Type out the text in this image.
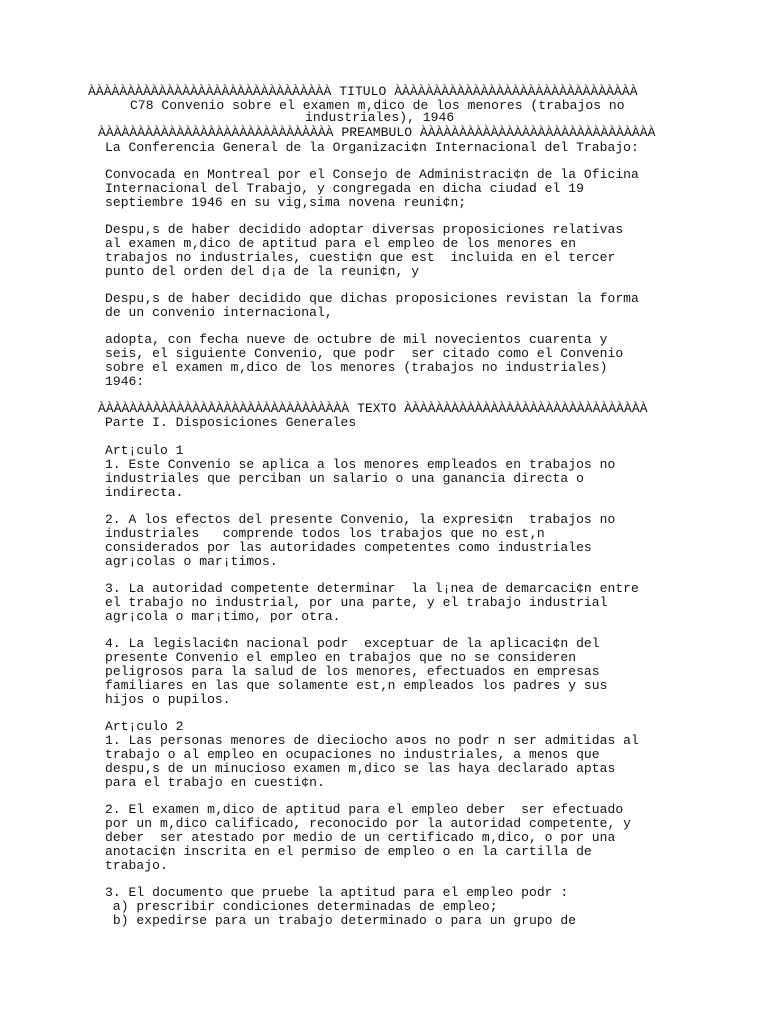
ÀÀÀÀÀÀÀÀÀÀÀÀÀÀÀÀÀÀÀÀÀÀÀÀÀÀÀÀÀÀÀ TITULO ÀÀÀÀÀÀÀÀÀÀÀÀÀÀÀÀÀÀÀÀÀÀÀÀÀÀÀÀÀÀÀ
C78 Convenio sobre el examen m‚dico de los menores (trabajos no
industriales), 1946
ÀÀÀÀÀÀÀÀÀÀÀÀÀÀÀÀÀÀÀÀÀÀÀÀÀÀÀÀÀÀ PREAMBULO ÀÀÀÀÀÀÀÀÀÀÀÀÀÀÀÀÀÀÀÀÀÀÀÀÀÀÀÀÀÀ
La Conferencia General de la Organizaci¢n Internacional del Trabajo:
Convocada en Montreal por el Consejo de Administraci¢n de la Oficina
Internacional del Trabajo, y congregada en dicha ciudad el 19
septiembre 1946 en su vig‚sima novena reuni¢n;
Despu‚s de haber decidido adoptar diversas proposiciones relativas
al examen m‚dico de aptitud para el empleo de los menores en
trabajos no industriales, cuesti¢n que est  incluida en el tercer
punto del orden del d¡a de la reuni¢n, y
Despu‚s de haber decidido que dichas proposiciones revistan la forma
de un convenio internacional,
adopta, con fecha nueve de octubre de mil novecientos cuarenta y
seis, el siguiente Convenio, que podr  ser citado como el Convenio
sobre el examen m‚dico de los menores (trabajos no industriales)
1946:
ÀÀÀÀÀÀÀÀÀÀÀÀÀÀÀÀÀÀÀÀÀÀÀÀÀÀÀÀÀÀÀÀ TEXTO ÀÀÀÀÀÀÀÀÀÀÀÀÀÀÀÀÀÀÀÀÀÀÀÀÀÀÀÀÀÀÀ
Parte I. Disposiciones Generales
Art¡culo 1
1. Este Convenio se aplica a los menores empleados en trabajos no
industriales que perciban un salario o una ganancia directa o
indirecta.
2. A los efectos del presente Convenio, la expresi¢n  trabajos no
industriales   comprende todos los trabajos que no est‚n
considerados por las autoridades competentes como industriales
agr¡colas o mar¡timos.
3. La autoridad competente determinar  la l¡nea de demarcaci¢n entre
el trabajo no industrial, por una parte, y el trabajo industrial
agr¡cola o mar¡timo, por otra.
4. La legislaci¢n nacional podr  exceptuar de la aplicaci¢n del
presente Convenio el empleo en trabajos que no se consideren
peligrosos para la salud de los menores, efectuados en empresas
familiares en las que solamente est‚n empleados los padres y sus
hijos o pupilos.
Art¡culo 2
1. Las personas menores de dieciocho a¤os no podr n ser admitidas al
trabajo o al empleo en ocupaciones no industriales, a menos que
despu‚s de un minucioso examen m‚dico se las haya declarado aptas
para el trabajo en cuesti¢n.
2. El examen m‚dico de aptitud para el empleo deber  ser efectuado
por un m‚dico calificado, reconocido por la autoridad competente, y
deber  ser atestado por medio de un certificado m‚dico, o por una
anotaci¢n inscrita en el permiso de empleo o en la cartilla de
trabajo.
3. El documento que pruebe la aptitud para el empleo podr :
a) prescribir condiciones determinadas de empleo;
b) expedirse para un trabajo determinado o para un grupo de
